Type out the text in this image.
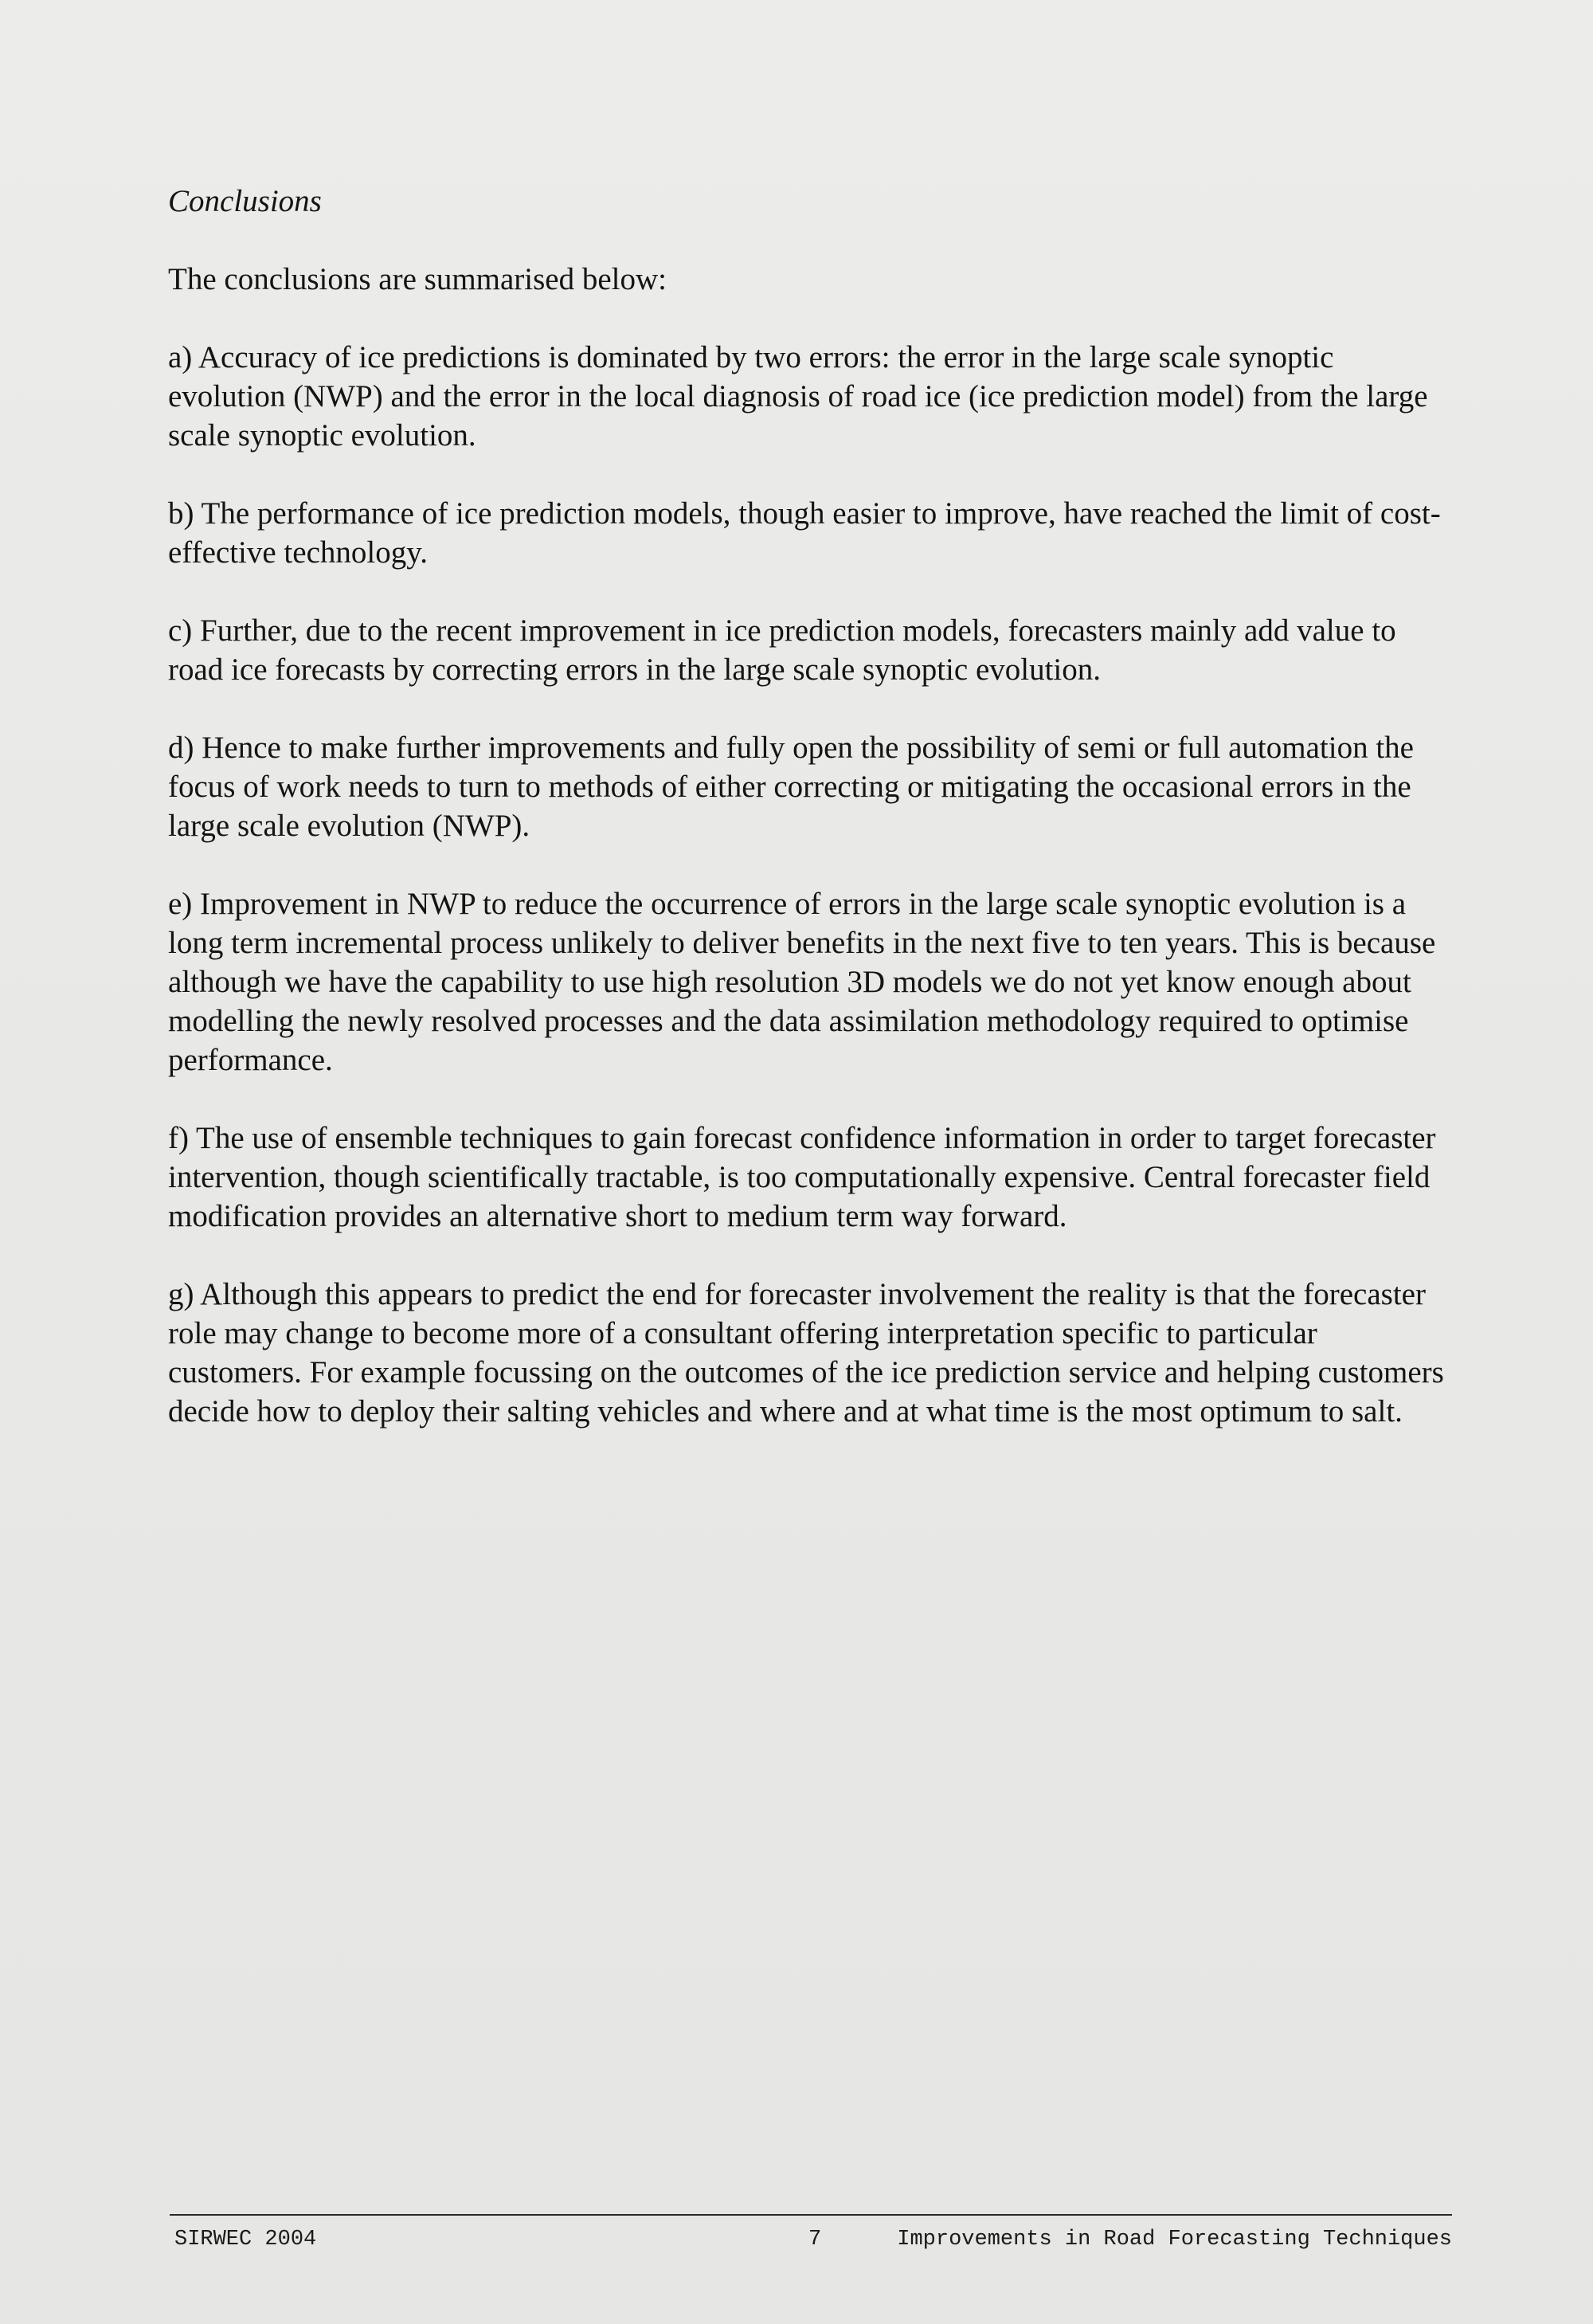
Conclusions

The conclusions are summarised below:

a) Accuracy of ice predictions is dominated by two errors: the error in the large scale synoptic evolution (NWP) and the error in the local diagnosis of road ice (ice prediction model) from the large scale synoptic evolution.

b) The performance of ice prediction models, though easier to improve, have reached the limit of cost-effective technology.

c) Further, due to the recent improvement in ice prediction models, forecasters mainly add value to road ice forecasts by correcting errors in the large scale synoptic evolution.

d) Hence to make further improvements and fully open the possibility of semi or full automation the focus of work needs to turn to methods of either correcting or mitigating the occasional errors in the large scale evolution (NWP).

e) Improvement in NWP to reduce the occurrence of errors in the large scale synoptic evolution is a long term incremental process unlikely to deliver benefits in the next five to ten years. This is because although we have the capability to use high resolution 3D models we do not yet know enough about modelling the newly resolved processes and the data assimilation methodology required to optimise performance.

f) The use of ensemble techniques to gain forecast confidence information in order to target forecaster intervention, though scientifically tractable, is too computationally expensive. Central forecaster field modification provides an alternative short to medium term way forward.

g) Although this appears to predict the end for forecaster involvement the reality is that the forecaster role may change to become more of a consultant offering interpretation specific to particular customers. For example focussing on the outcomes of the ice prediction service and helping customers decide how to deploy their salting vehicles and where and at what time is the most optimum to salt.

SIRWEC 2004	7	Improvements in Road Forecasting Techniques
